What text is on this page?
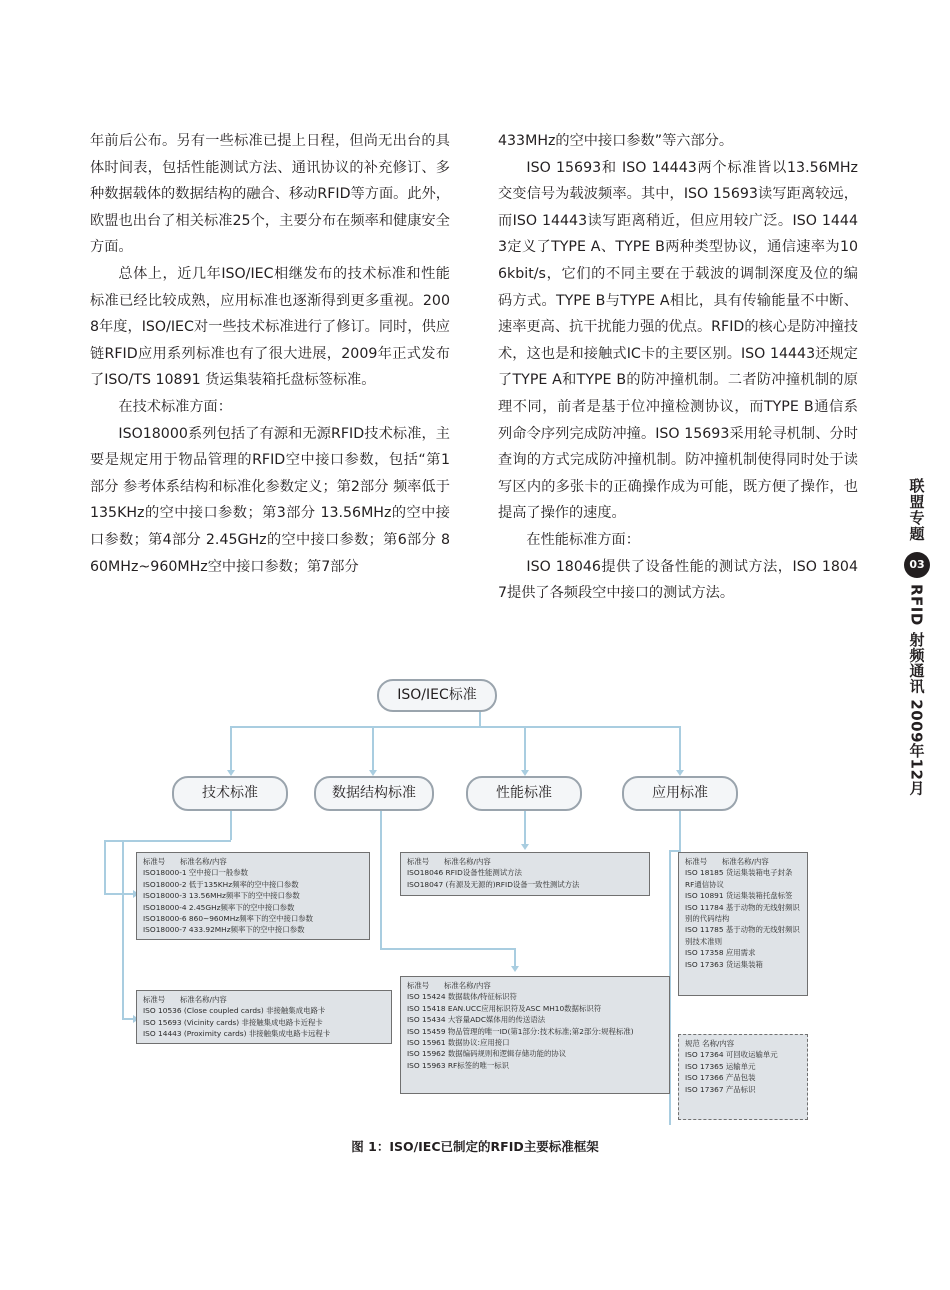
年前后公布。另有一些标准已提上日程，但尚无出台的具体时间表，包括性能测试方法、通讯协议的补充修订、多种数据载体的数据结构的融合、移动RFID等方面。此外，欧盟也出台了相关标准25个，主要分布在频率和健康安全方面。

总体上，近几年ISO/IEC相继发布的技术标准和性能标准已经比较成熟，应用标准也逐渐得到更多重视。2008年度，ISO/IEC对一些技术标准进行了修订。同时，供应链RFID应用系列标准也有了很大进展，2009年正式发布了ISO/TS 10891 货运集装箱托盘标签标准。

在技术标准方面：

ISO18000系列包括了有源和无源RFID技术标准，主要是规定用于物品管理的RFID空中接口参数，包括“第1部分 参考体系结构和标准化参数定义；第2部分 频率低于135KHz的空中接口参数；第3部分 13.56MHz的空中接口参数；第4部分 2.45GHz的空中接口参数；第6部分 860MHz~960MHz空中接口参数；第7部分

433MHz的空中接口参数”等六部分。

ISO 15693和 ISO 14443两个标准皆以13.56MHz交变信号为载波频率。其中，ISO 15693读写距离较远，而ISO 14443读写距离稍近，但应用较广泛。ISO 14443定义了TYPE A、TYPE B两种类型协议，通信速率为106kbit/s，它们的不同主要在于载波的调制深度及位的编码方式。TYPE B与TYPE A相比，具有传输能量不中断、速率更高、抗干扰能力强的优点。RFID的核心是防冲撞技术，这也是和接触式IC卡的主要区别。ISO 14443还规定了TYPE A和TYPE B的防冲撞机制。二者防冲撞机制的原理不同，前者是基于位冲撞检测协议，而TYPE B通信系列命令序列完成防冲撞。ISO 15693采用轮寻机制、分时查询的方式完成防冲撞机制。防冲撞机制使得同时处于读写区内的多张卡的正确操作成为可能，既方便了操作，也提高了操作的速度。

在性能标准方面：

ISO 18046提供了设备性能的测试方法，ISO 18047提供了各频段空中接口的测试方法。

联盟专题
03
RFID 射频通讯 2009年12月
ISO/IEC标准
技术标准	数据结构标准	性能标准	应用标准
标准号　　标准名称/内容
ISO18000-1 空中接口一般参数
ISO18000-2 低于135KHz频率的空中接口参数
ISO18000-3 13.56MHz频率下的空中接口参数
ISO18000-4 2.45GHz频率下的空中接口参数
ISO18000-6 860~960MHz频率下的空中接口参数
ISO18000-7 433.92MHz频率下的空中接口参数
标准号　　标准名称/内容
ISO 10536 (Close coupled cards) 非接触集成电路卡
ISO 15693 (Vicinity cards) 非接触集成电路卡近程卡
ISO 14443 (Proximity cards) 非接触集成电路卡远程卡
标准号　　标准名称/内容
ISO18046 RFID设备性能测试方法
ISO18047 (有源及无源的)RFID设备一致性测试方法
标准号　　标准名称/内容
ISO 15424 数据载体/特征标识符
ISO 15418 EAN.UCC应用标识符及ASC MH10数据标识符
ISO 15434 大容量ADC媒体用的传送语法
ISO 15459 物品管理的唯一ID(第1部分:技术标准;第2部分:规程标准)
ISO 15961 数据协议:应用接口
ISO 15962 数据编码规则和逻辑存储功能的协议
ISO 15963 RF标签的唯一标识
标准号　　标准名称/内容
ISO 18185 货运集装箱电子封条RF通信协议
ISO 10891 货运集装箱托盘标签
ISO 11784 基于动物的无线射频识别的代码结构
ISO 11785 基于动物的无线射频识别技术准则
ISO 17358 应用需求
ISO 17363 货运集装箱
规范 名称/内容
ISO 17364 可回收运输单元
ISO 17365 运输单元
ISO 17366 产品包装
ISO 17367 产品标识
图 1：ISO/IEC已制定的RFID主要标准框架
